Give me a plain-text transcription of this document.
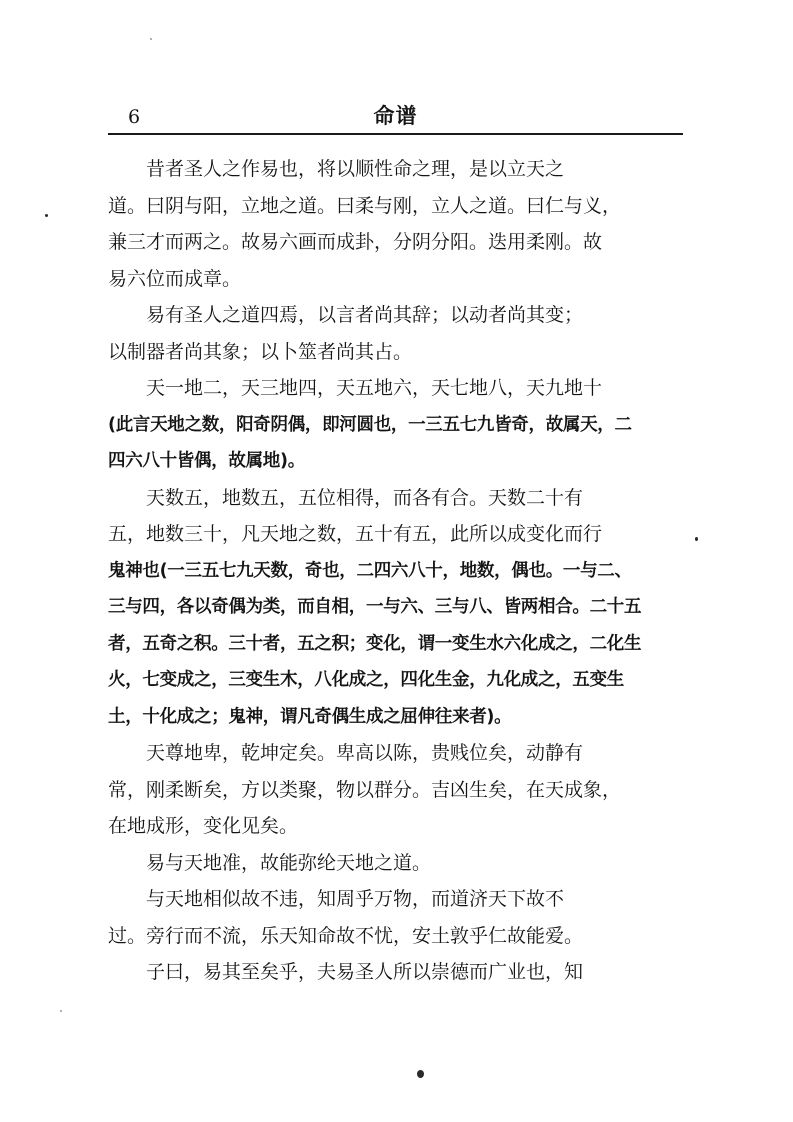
6	命谱
昔者圣人之作易也，将以顺性命之理，是以立天之
道。曰阴与阳，立地之道。曰柔与刚，立人之道。曰仁与义，
兼三才而两之。故易六画而成卦，分阴分阳。迭用柔刚。故
易六位而成章。
易有圣人之道四焉，以言者尚其辞；以动者尚其变；
以制器者尚其象；以卜筮者尚其占。
天一地二，天三地四，天五地六，天七地八，天九地十
(此言天地之数，阳奇阴偶，即河圆也，一三五七九皆奇，故属天，二
四六八十皆偶，故属地)。
天数五，地数五，五位相得，而各有合。天数二十有
五，地数三十，凡天地之数，五十有五，此所以成变化而行
鬼神也(一三五七九天数，奇也，二四六八十，地数，偶也。一与二、
三与四，各以奇偶为类，而自相，一与六、三与八、皆两相合。二十五
者，五奇之积。三十者，五之积；变化，谓一变生水六化成之，二化生
火，七变成之，三变生木，八化成之，四化生金，九化成之，五变生
土，十化成之；鬼神，谓凡奇偶生成之屈伸往来者)。
天尊地卑，乾坤定矣。卑高以陈，贵贱位矣，动静有
常，刚柔断矣，方以类聚，物以群分。吉凶生矣，在天成象，
在地成形，变化见矣。
易与天地准，故能弥纶天地之道。
与天地相似故不违，知周乎万物，而道济天下故不
过。旁行而不流，乐天知命故不忧，安土敦乎仁故能爱。
子曰，易其至矣乎，夫易圣人所以崇德而广业也，知
